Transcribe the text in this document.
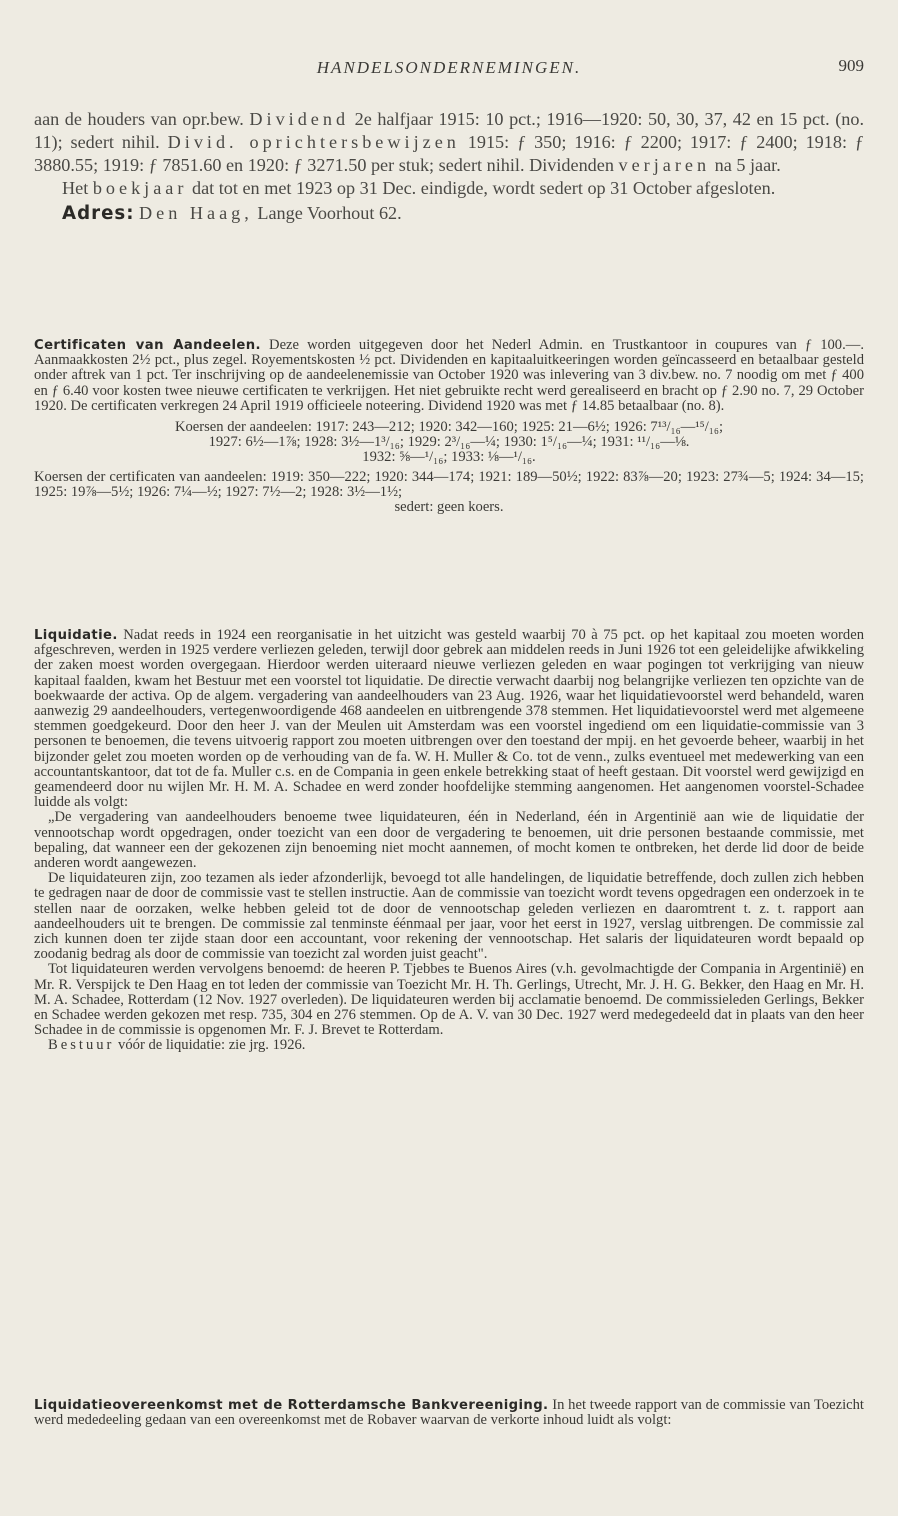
HANDELSONDERNEMINGEN.	909

aan de houders van opr.bew. Dividend 2e halfjaar 1915: 10 pct.; 1916—1920: 50, 30, 37, 42 en 15 pct. (no. 11); sedert nihil. Divid. oprichtersbewijzen 1915: ƒ 350; 1916: ƒ 2200; 1917: ƒ 2400; 1918: ƒ 3880.55; 1919: ƒ 7851.60 en 1920: ƒ 3271.50 per stuk; sedert nihil. Dividenden verjaren na 5 jaar.

Het boekjaar dat tot en met 1923 op 31 Dec. eindigde, wordt sedert op 31 October afgesloten.

Adres: Den Haag, Lange Voorhout 62.

Certificaten van Aandeelen. Deze worden uitgegeven door het Nederl Admin. en Trustkantoor in coupures van ƒ 100.—. Aanmaakkosten 2½ pct., plus zegel. Royementskosten ½ pct. Dividenden en kapitaaluitkeeringen worden geïncasseerd en betaalbaar gesteld onder aftrek van 1 pct. Ter inschrijving op de aandeelenemissie van October 1920 was inlevering van 3 div.bew. no. 7 noodig om met ƒ 400 en ƒ 6.40 voor kosten twee nieuwe certificaten te verkrijgen. Het niet gebruikte recht werd gerealiseerd en bracht op ƒ 2.90 no. 7, 29 October 1920. De certificaten verkregen 24 April 1919 officieele noteering. Dividend 1920 was met ƒ 14.85 betaalbaar (no. 8).

Koersen der aandeelen: 1917: 243—212; 1920: 342—160; 1925: 21—6½; 1926: 7¹³/₁₆—¹⁵/₁₆;

1927: 6½—1⅞; 1928: 3½—1³/₁₆; 1929: 2³/₁₆—¼; 1930: 1⁵/₁₆—¼; 1931: ¹¹/₁₆—⅛.

1932: ⅝—¹/₁₆; 1933: ⅛—¹/₁₆.

Koersen der certificaten van aandeelen: 1919: 350—222; 1920: 344—174; 1921: 189—50½; 1922: 83⅞—20; 1923: 27¾—5; 1924: 34—15; 1925: 19⅞—5½; 1926: 7¼—½; 1927: 7½—2; 1928: 3½—1½;

sedert: geen koers.

Liquidatie. Nadat reeds in 1924 een reorganisatie in het uitzicht was gesteld waarbij 70 à 75 pct. op het kapitaal zou moeten worden afgeschreven, werden in 1925 verdere verliezen geleden, terwijl door gebrek aan middelen reeds in Juni 1926 tot een geleidelijke afwikkeling der zaken moest worden overgegaan. Hierdoor werden uiteraard nieuwe verliezen geleden en waar pogingen tot verkrijging van nieuw kapitaal faalden, kwam het Bestuur met een voorstel tot liquidatie. De directie verwacht daarbij nog belangrijke verliezen ten opzichte van de boekwaarde der activa. Op de algem. vergadering van aandeelhouders van 23 Aug. 1926, waar het liquidatievoorstel werd behandeld, waren aanwezig 29 aandeelhouders, vertegenwoordigende 468 aandeelen en uitbrengende 378 stemmen. Het liquidatievoorstel werd met algemeene stemmen goedgekeurd. Door den heer J. van der Meulen uit Amsterdam was een voorstel ingediend om een liquidatie-commissie van 3 personen te benoemen, die tevens uitvoerig rapport zou moeten uitbrengen over den toestand der mpij. en het gevoerde beheer, waarbij in het bijzonder gelet zou moeten worden op de verhouding van de fa. W. H. Muller & Co. tot de venn., zulks eventueel met medewerking van een accountantskantoor, dat tot de fa. Muller c.s. en de Compania in geen enkele betrekking staat of heeft gestaan. Dit voorstel werd gewijzigd en geamendeerd door nu wijlen Mr. H. M. A. Schadee en werd zonder hoofdelijke stemming aangenomen. Het aangenomen voorstel-Schadee luidde als volgt:

„De vergadering van aandeelhouders benoeme twee liquidateuren, één in Nederland, één in Argentinië aan wie de liquidatie der vennootschap wordt opgedragen, onder toezicht van een door de vergadering te benoemen, uit drie personen bestaande commissie, met bepaling, dat wanneer een der gekozenen zijn benoeming niet mocht aannemen, of mocht komen te ontbreken, het derde lid door de beide anderen wordt aangewezen.

De liquidateuren zijn, zoo tezamen als ieder afzonderlijk, bevoegd tot alle handelingen, de liquidatie betreffende, doch zullen zich hebben te gedragen naar de door de commissie vast te stellen instructie. Aan de commissie van toezicht wordt tevens opgedragen een onderzoek in te stellen naar de oorzaken, welke hebben geleid tot de door de vennootschap geleden verliezen en daaromtrent t. z. t. rapport aan aandeelhouders uit te brengen. De commissie zal tenminste éénmaal per jaar, voor het eerst in 1927, verslag uitbrengen. De commissie zal zich kunnen doen ter zijde staan door een accountant, voor rekening der vennootschap. Het salaris der liquidateuren wordt bepaald op zoodanig bedrag als door de commissie van toezicht zal worden juist geacht".

Tot liquidateuren werden vervolgens benoemd: de heeren P. Tjebbes te Buenos Aires (v.h. gevolmachtigde der Compania in Argentinië) en Mr. R. Verspijck te Den Haag en tot leden der commissie van Toezicht Mr. H. Th. Gerlings, Utrecht, Mr. J. H. G. Bekker, den Haag en Mr. H. M. A. Schadee, Rotterdam (12 Nov. 1927 overleden). De liquidateuren werden bij acclamatie benoemd. De commissieleden Gerlings, Bekker en Schadee werden gekozen met resp. 735, 304 en 276 stemmen. Op de A. V. van 30 Dec. 1927 werd medegedeeld dat in plaats van den heer Schadee in de commissie is opgenomen Mr. F. J. Brevet te Rotterdam.

Bestuur vóór de liquidatie: zie jrg. 1926.

Liquidatieovereenkomst met de Rotterdamsche Bankvereeniging. In het tweede rapport van de commissie van Toezicht werd mededeeling gedaan van een overeenkomst met de Robaver waarvan de verkorte inhoud luidt als volgt:
